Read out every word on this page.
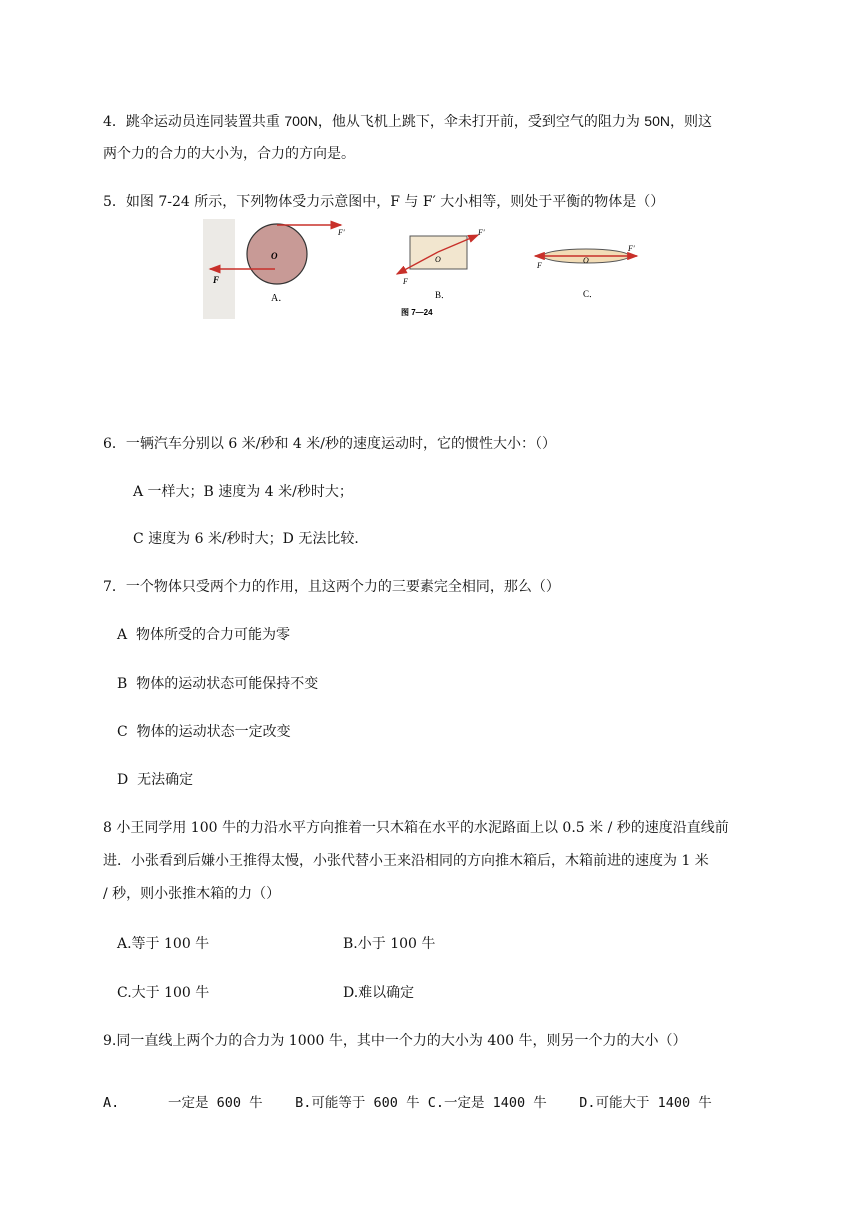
4．跳伞运动员连同装置共重 700N，他从飞机上跳下，伞未打开前，受到空气的阻力为 50N，则这
两个力的合力的大小为，合力的方向是。
5．如图 7-24 所示，下列物体受力示意图中，F 与 F′ 大小相等，则处于平衡的物体是（）
O
F′
F
A．
O
F′
F
B．
O
F′
F
C．
图 7—24
6．一辆汽车分别以 6 米/秒和 4 米/秒的速度运动时，它的惯性大小：（）
A 一样大；B 速度为 4 米/秒时大；
C 速度为 6 米/秒时大；D 无法比较．
7．一个物体只受两个力的作用，且这两个力的三要素完全相同，那么（）
A  物体所受的合力可能为零
B  物体的运动状态可能保持不变
C  物体的运动状态一定改变
D  无法确定
8 小王同学用 100 牛的力沿水平方向推着一只木箱在水平的水泥路面上以 0.5 米 / 秒的速度沿直线前
进．小张看到后嫌小王推得太慢，小张代替小王来沿相同的方向推木箱后，木箱前进的速度为 1 米
/ 秒，则小张推木箱的力（）
A.等于 100 牛	B.小于 100 牛
C.大于 100 牛	D.难以确定
9.同一直线上两个力的合力为 1000 牛，其中一个力的大小为 400 牛，则另一个力的大小（）
A.      一定是 600 牛    B.可能等于 600 牛 C.一定是 1400 牛    D.可能大于 1400 牛
